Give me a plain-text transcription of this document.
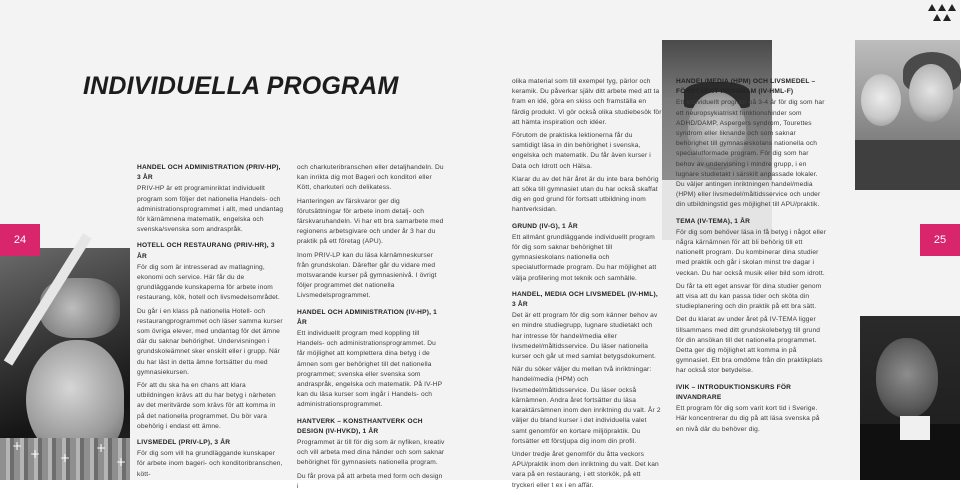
INDIVIDUELLA PROGRAM
+
+ +
+
+
24	25
HANDEL OCH ADMINISTRATION (PRIV-HP), 3 ÅR

PRIV-HP är ett programinriktat individuellt program som följer det nationella Handels- och administrationsprogrammet i allt, med undantag för kärnämnena matematik, engelska och svenska/svenska som andraspråk.

HOTELL OCH RESTAURANG (PRIV-HR), 3 ÅR

För dig som är intresserad av matlagning, ekonomi och service. Här får du de grundläggande kunskaperna för arbete inom restaurang, kök, hotell och livsmedelsområdet.

Du går i en klass på nationella Hotell- och restaurangprogrammet och läser samma kurser som övriga elever, med undantag för det ämne där du saknar behörighet. Undervisningen i grundskoleämnet sker enskilt eller i grupp. När du har läst in detta ämne fortsätter du med gymnasiekursen.

För att du ska ha en chans att klara utbildningen krävs att du har betyg i närheten av det meritvärde som krävs för att komma in på det nationella programmet. Du bör vara obehörig i endast ett ämne.

LIVSMEDEL (PRIV-LP), 3 ÅR

För dig som vill ha grundläggande kunskaper för arbete inom bageri- och konditoribranschen, kött-

och charkuteribranschen eller detaljhandeln. Du kan inrikta dig mot Bageri och konditori eller Kött, charkuteri och delikatess.

Hanteringen av färskvaror ger dig förutsättningar för arbete inom detalj- och färskvaruhandeln. Vi har ett bra samarbete med regionens arbetsgivare och under år 3 har du praktik på ett företag (APU).

Inom PRIV-LP kan du läsa kärnämneskurser från grundskolan. Därefter går du vidare med motsvarande kurser på gymnasienivå. I övrigt följer programmet det nationella Livsmedelsprogrammet.

HANDEL OCH ADMINISTRATION (IV-HP), 1 ÅR

Ett individuellt program med koppling till Handels- och administrationsprogrammet. Du får möjlighet att komplettera dina betyg i de ämnen som ger behörighet till det nationella programmet; svenska eller svenska som andraspråk, engelska och matematik. På IV-HP kan du läsa kurser som ingår i Handels- och administrationsprogrammet.

HANTVERK – KONSTHANTVERK OCH DESIGN (IV-HVKD), 1 ÅR

Programmet är till för dig som är nyfiken, kreativ och vill arbeta med dina händer och som saknar behörighet för gymnasiets nationella program.

Du får prova på att arbeta med form och design i

olika material som till exempel tyg, pärlor och keramik. Du påverkar själv ditt arbete med att ta fram en idé, göra en skiss och framställa en färdig produkt. Vi gör också olika studiebesök för att hämta inspiration och idéer.

Förutom de praktiska lektionerna får du samtidigt läsa in din behörighet i svenska, engelska och matematik. Du får även kurser i Data och Idrott och Hälsa.

Klarar du av det här året är du inte bara behörig att söka till gymnasiet utan du har också skaffat dig en god grund för fortsatt utbildning inom hantverksidan.

GRUND (IV-G), 1 ÅR

Ett allmänt grundläggande individuellt program för dig som saknar behörighet till gymnasieskolans nationella och specialutformade program. Du har möjlighet att välja profilering mot teknik och samhälle.

HANDEL, MEDIA OCH LIVSMEDEL (IV-HML), 3 ÅR

Det är ett program för dig som känner behov av en mindre studiegrupp, lugnare studietakt och har intresse för handel/media eller livsmedel/måltidsservice. Du läser nationella kurser och går ut med samlat betygsdokument.

När du söker väljer du mellan två inriktningar: handel/media (HPM) och livsmedel/måltidsservice. Du läser också kärnämnen. Andra året fortsätter du läsa karaktärsämnen inom den inriktning du valt. År 2 väljer du bland kurser i det individuella valet samt genomför en kortare miljöpraktik. Du fortsätter ett förstjupa dig inom din profil.

Under tredje året genomför du åtta veckors APU/praktik inom den inriktning du valt. Det kan vara på en restaurang, i ett storkök, på ett tryckeri eller t ex i en affär.

HANDEL/MEDIA (HPM) OCH LIVSMEDEL – FÖRSTÄRKT PROGRAM (IV-HML-F)

Ett individuellt program på 3-4 år för dig som har ett neuropsykiatriskt funktionshinder som ADHD/DAMP, Aspergers syndrom, Tourettes syndrom eller liknande och som saknar behörighet till gymnasieskolans nationella och specialutformade program. För dig som har behov av undervisning i mindre grupp, i en lugnare studietakt i särskilt anpassade lokaler. Du väljer antingen inriktningen handel/media (HPM) eller livsmedel/måltidsservice och under din utbildningstid ges möjlighet till APU/praktik.

TEMA (IV-TEMA), 1 ÅR

För dig som behöver läsa in få betyg i något eller några kärnämnen för att bli behörig till ett nationellt program. Du kombinerar dina studier med praktik och går i skolan minst tre dagar i veckan. Du har också musik eller bild som idrott.

Du får ta ett eget ansvar för dina studier genom att visa att du kan passa tider och sköta din studieplanering och din praktik på ett bra sätt.

Det du klarat av under året på IV-TEMA ligger tillsammans med ditt grundskolebetyg till grund för din ansökan till det nationella programmet. Detta ger dig möjlighet att komma in på gymnasiet. Ett bra omdöme från din praktikplats har också stor betydelse.

IVIK – INTRODUKTIONSKURS FÖR INVANDRARE

Ett program för dig som varit kort tid i Sverige. Här koncentrerar du dig på att läsa svenska på en nivå där du behöver dig.
